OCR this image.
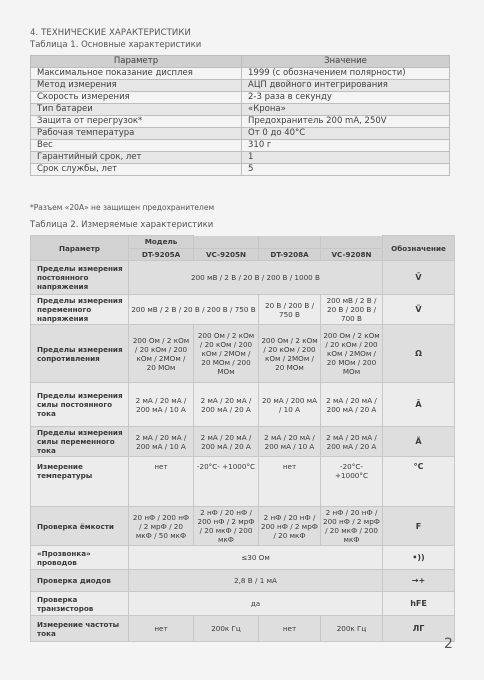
4. ТЕХНИЧЕСКИЕ ХАРАКТЕРИСТИКИ
Таблица 1. Основные характеристики
Параметр	Значение
Максимальное показание дисплея	1999 (с обозначением полярности)
Метод измерения	АЦП двойного интегрирования
Скорость измерения	2-3 раза в секунду
Тип батареи	«Крона»
Защита от перегрузок*	Предохранитель 200 mA, 250V
Рабочая температура	От 0 до 40°С
Вес	310 г
Гарантийный срок, лет	1
Срок службы, лет	5
*Разъем «20А» не защищен предохранителем
Таблица 2. Измеряемые характеристики
Параметр	Модель				Обозначение
	DT-9205A	VC-9205N	DT-9208A	VC-9208N	
Пределы измерения постоянного напряжения	200 мВ / 2 В / 20 В / 200 В / 1000 В				V̄
Пределы измерения переменного напряжения	200 мВ / 2 В / 20 В / 200 В / 750 В		20 В / 200 В / 750 В	200 мВ / 2 В / 20 В / 200 В / 700 В	Ṽ
Пределы измерения сопротивления	200 Ом / 2 кОм / 20 кОм / 200 кОм / 2МОм / 20 МОм	200 Ом / 2 кОм / 20 кОм / 200 кОм / 2МОм / 20 МОм / 200 МОм	200 Ом / 2 кОм / 20 кОм / 200 кОм / 2МОм / 20 МОм	200 Ом / 2 кОм / 20 кОм / 200 кОм / 2МОм / 20 МОм / 200 МОм	Ω
Пределы измерения силы постоянного тока	2 мА / 20 мА / 200 мА / 10 А	2 мА / 20 мА / 200 мА / 20 А	20 мА / 200 мА / 10 А	2 мА / 20 мА / 200 мА / 20 А	Ā
Пределы измерения силы переменного тока	2 мА / 20 мА / 200 мА / 10 А	2 мА / 20 мА / 200 мА / 20 А	2 мА / 20 мА / 200 мА / 10 А	2 мА / 20 мА / 200 мА / 20 А	Ã
Измерение температуры	нет	-20°С- +1000°С	нет	-20°С- +1000°С	°С
Проверка ёмкости	20 нФ / 200 нФ / 2 мрФ / 20 мкФ / 50 мкФ	2 нФ / 20 нФ / 200 нФ / 2 мрФ / 20 мкФ / 200 мкФ	2 нФ / 20 нФ / 200 нФ / 2 мрФ / 20 мкФ	2 нФ / 20 нФ / 200 нФ / 2 мрФ / 20 мкФ / 200 мкФ	F
«Прозвонка» проводов	≤30 Ом				•))
Проверка диодов	2,8 В / 1 мА				→+
Проверка транзисторов	да				hFE
Измерение частоты тока	нет	200к Гц	нет	200к Гц	ЛГ
2
